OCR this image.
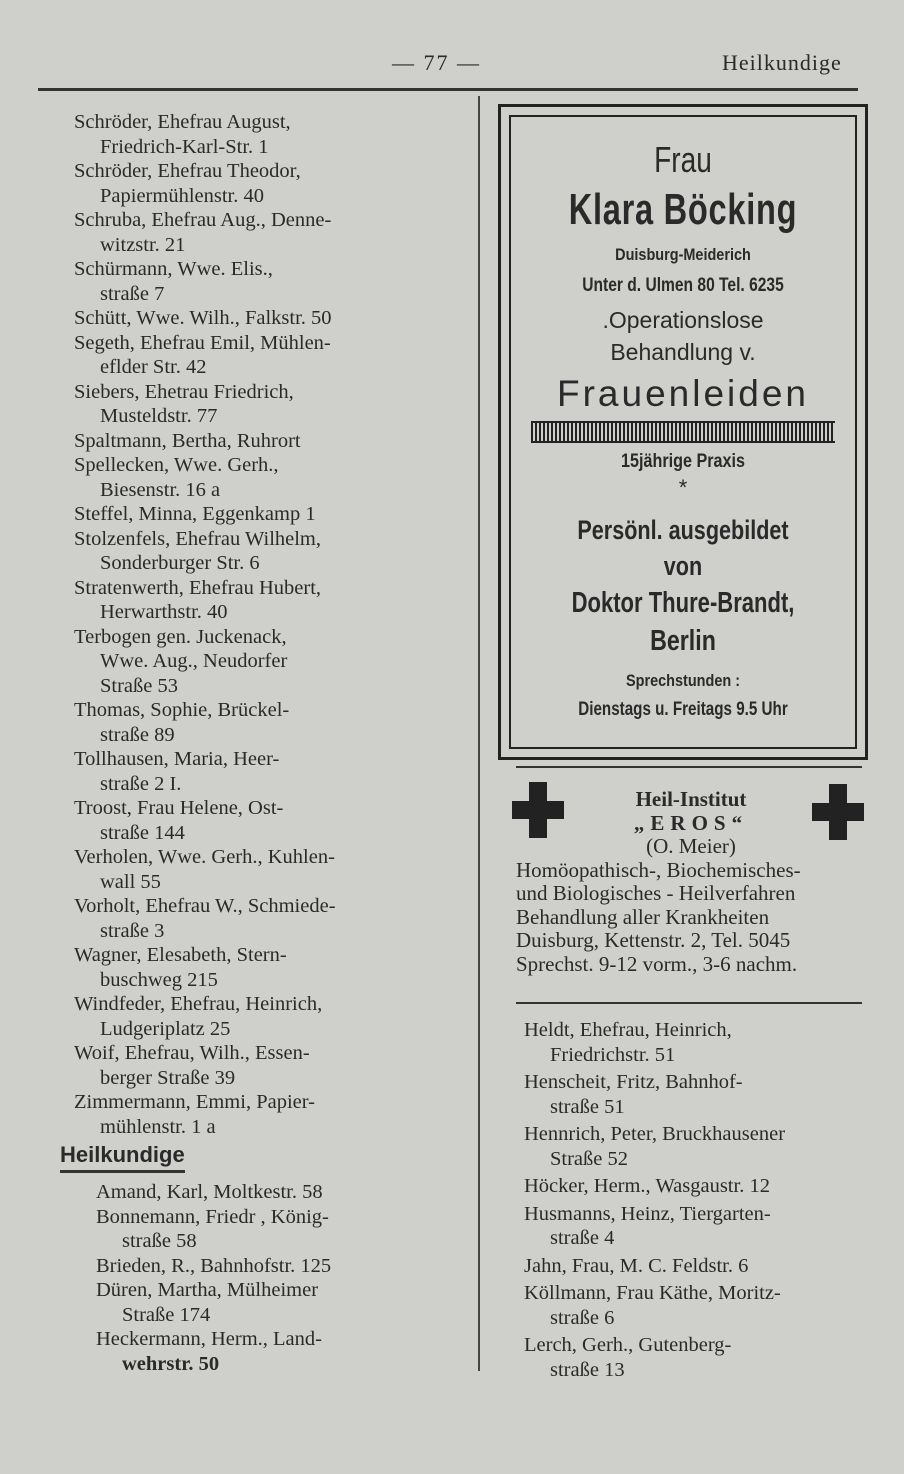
— 77 —	Heilkundige
Schröder, Ehefrau August,
Friedrich-Karl-Str. 1
Schröder, Ehefrau Theodor,
Papiermühlenstr. 40
Schruba, Ehefrau Aug., Denne-
witzstr. 21
Schürmann, Wwe. Elis.,
straße 7
Schütt, Wwe. Wilh., Falkstr. 50
Segeth, Ehefrau Emil, Mühlen-
eflder Str. 42
Siebers, Ehetrau Friedrich,
Musteldstr. 77
Spaltmann, Bertha, Ruhrort
Spellecken, Wwe. Gerh.,
Biesenstr. 16 a
Steffel, Minna, Eggenkamp 1
Stolzenfels, Ehefrau Wilhelm,
Sonderburger Str. 6
Stratenwerth, Ehefrau Hubert,
Herwarthstr. 40
Terbogen gen. Juckenack,
Wwe. Aug., Neudorfer
Straße 53
Thomas, Sophie, Brückel-
straße 89
Tollhausen, Maria, Heer-
straße 2 I.
Troost, Frau Helene, Ost-
straße 144
Verholen, Wwe. Gerh., Kuhlen-
wall 55
Vorholt, Ehefrau W., Schmiede-
straße 3
Wagner, Elesabeth, Stern-
buschweg 215
Windfeder, Ehefrau, Heinrich,
Ludgeriplatz 25
Woif, Ehefrau, Wilh., Essen-
berger Straße 39
Zimmermann, Emmi, Papier-
mühlenstr. 1 a
Heilkundige
Amand, Karl, Moltkestr. 58
Bonnemann, Friedr , König-
straße 58
Brieden, R., Bahnhofstr. 125
Düren, Martha, Mülheimer
Straße 174
Heckermann, Herm., Land-
wehrstr. 50
Frau
Klara Böcking
Duisburg-Meiderich
Unter d. Ulmen 80 Tel. 6235
.Operationslose
Behandlung v.
Frauenleiden
15jährige Praxis
*
Persönl. ausgebildet
von
Doktor Thure-Brandt,
Berlin
Sprechstunden :
Dienstags u. Freitags 9.5 Uhr
Heil-Institut
„EROS“
(O. Meier)
Homöopathisch-, Biochemisches-
und Biologisches - Heilverfahren
Behandlung aller Krankheiten
Duisburg, Kettenstr. 2, Tel. 5045
Sprechst. 9-12 vorm., 3-6 nachm.
Heldt, Ehefrau, Heinrich,
Friedrichstr. 51
Henscheit, Fritz, Bahnhof-
straße 51
Hennrich, Peter, Bruckhausener
Straße 52
Höcker, Herm., Wasgaustr. 12
Husmanns, Heinz, Tiergarten-
straße 4
Jahn, Frau, M. C. Feldstr. 6
Köllmann, Frau Käthe, Moritz-
straße 6
Lerch, Gerh., Gutenberg-
straße 13
